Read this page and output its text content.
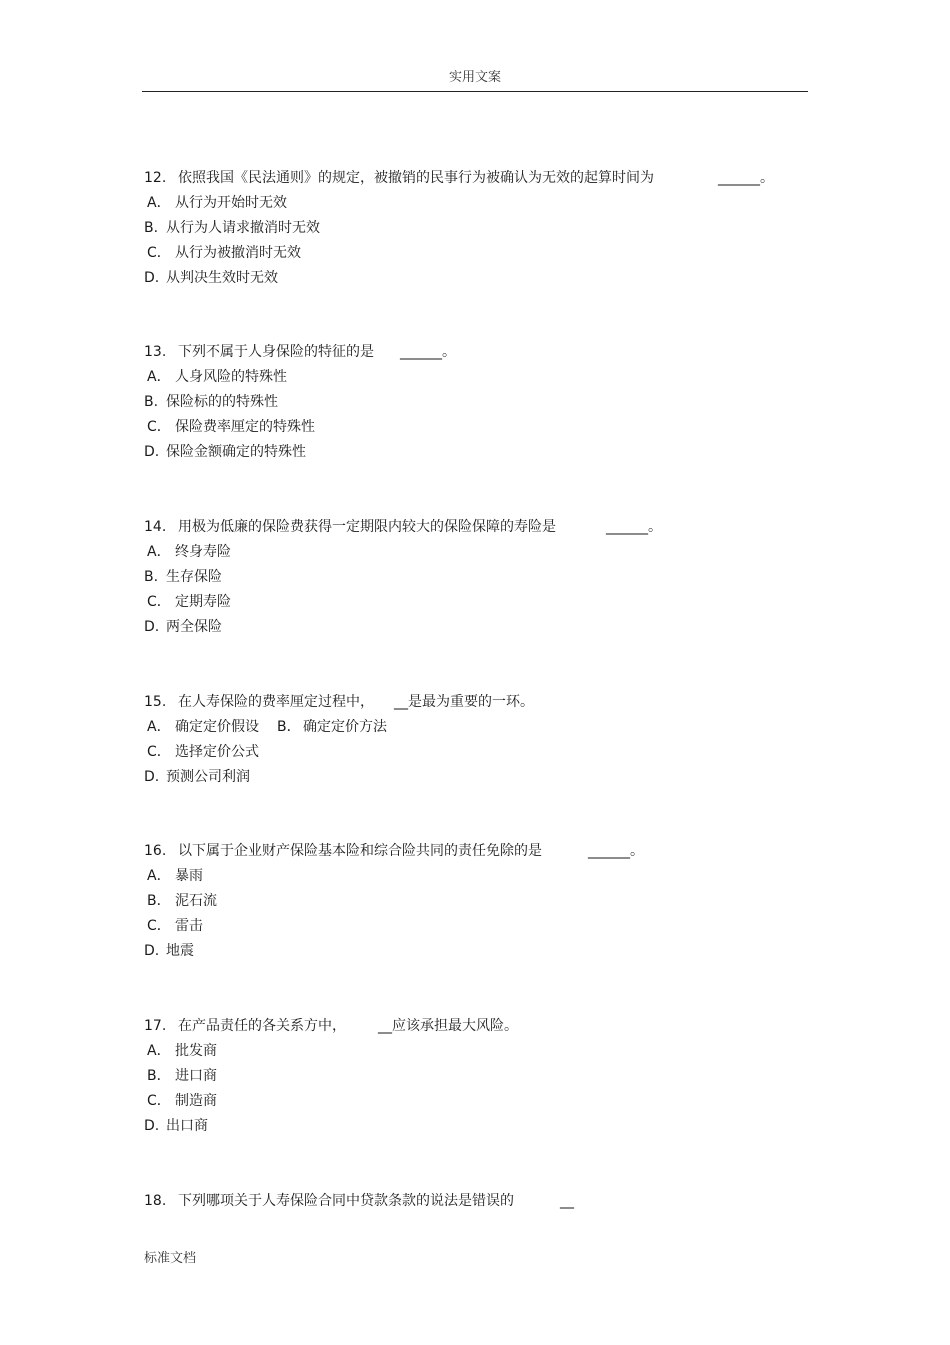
实用文案
12. 依照我国《民法通则》的规定，被撤销的民事行为被确认为无效的起算时间为	______。
A． 从行为开始时无效
B. 从行为人请求撤消时无效
C． 从行为被撤消时无效
D. 从判决生效时无效
13. 下列不属于人身保险的特征的是 ______。
A． 人身风险的特殊性
B. 保险标的的特殊性
C． 保险费率厘定的特殊性
D. 保险金额确定的特殊性
14. 用极为低廉的保险费获得一定期限内较大的保险保障的寿险是	______。
A． 终身寿险
B. 生存保险
C． 定期寿险
D. 两全保险
15. 在人寿保险的费率厘定过程中， __是最为重要的一环。
A． 确定定价假设 B． 确定定价方法
C． 选择定价公式
D. 预测公司利润
16. 以下属于企业财产保险基本险和综合险共同的责任免除的是	______。
A． 暴雨
B． 泥石流
C． 雷击
D. 地震
17. 在产品责任的各关系方中， __应该承担最大风险。
A． 批发商
B． 进口商
C． 制造商
D. 出口商
18. 下列哪项关于人寿保险合同中贷款条款的说法是错误的	__
标准文档
